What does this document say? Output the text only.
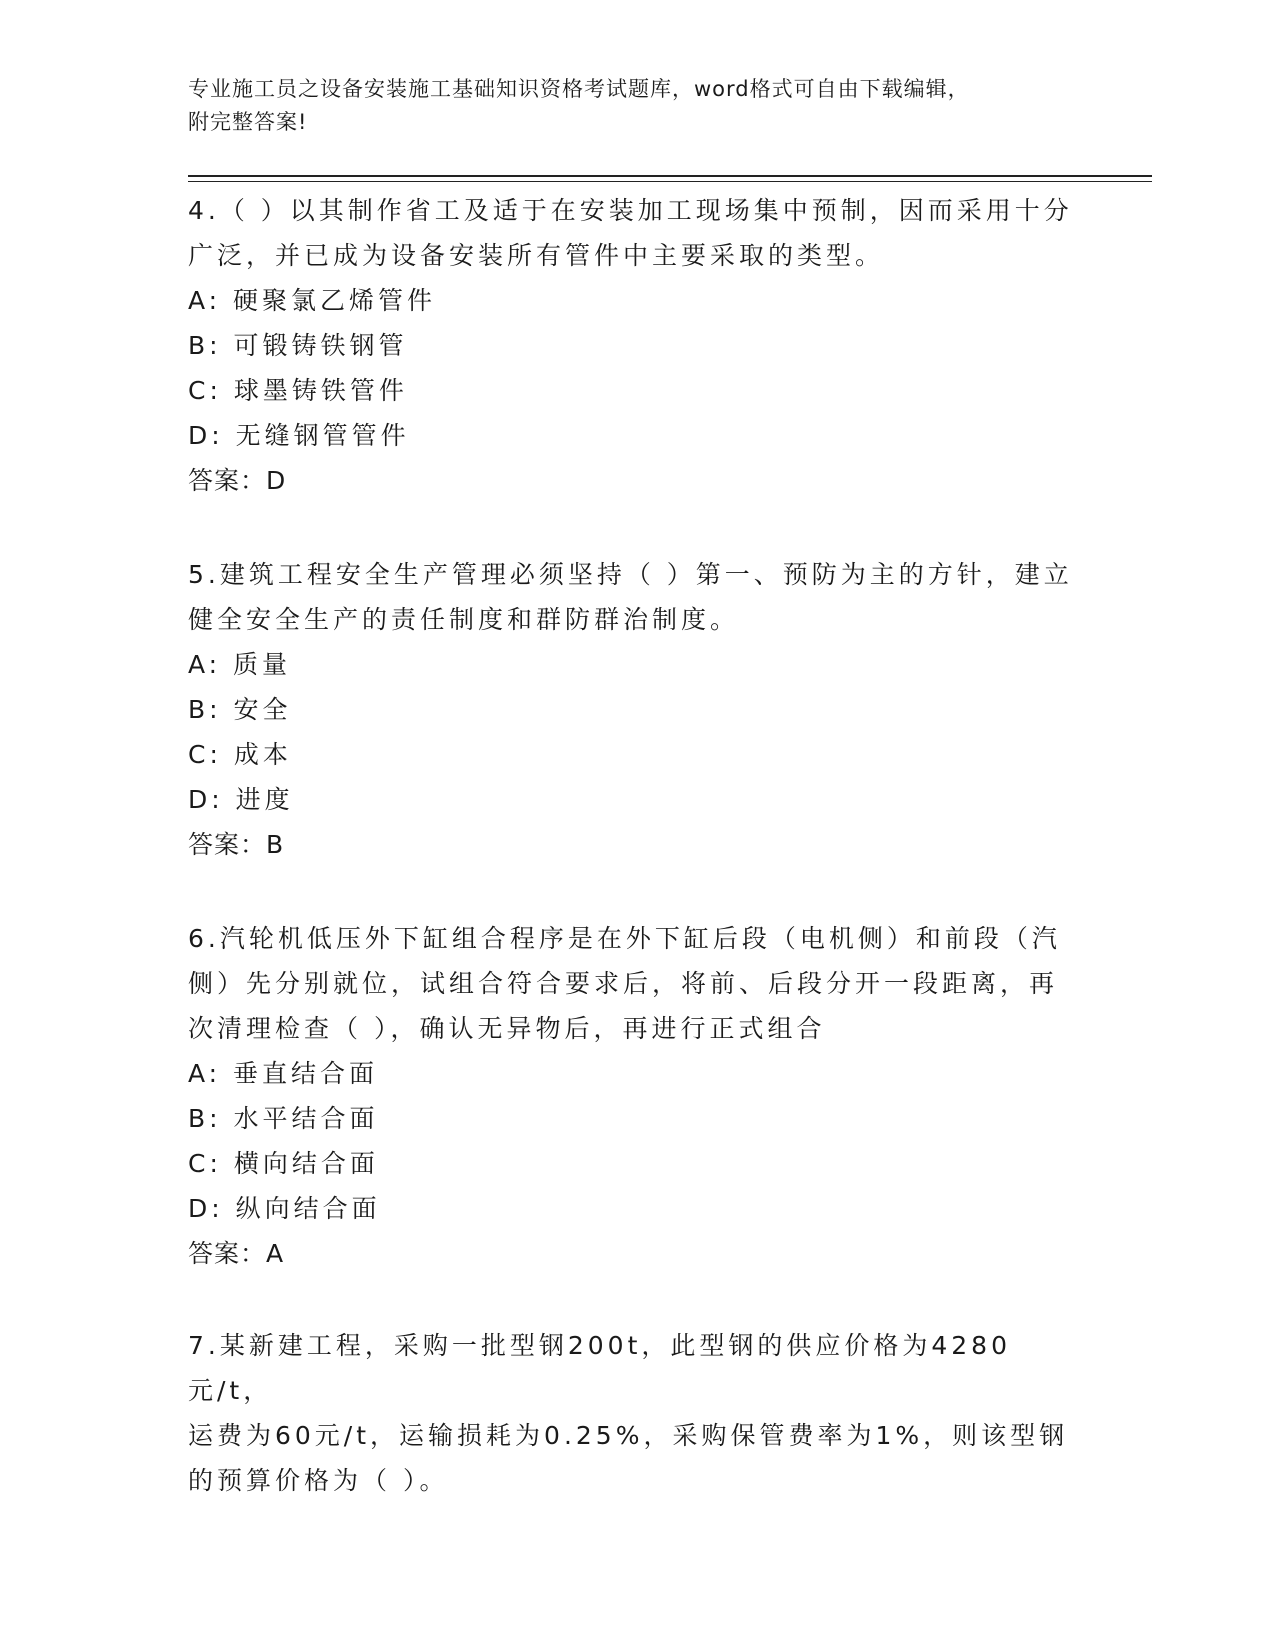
专业施工员之设备安装施工基础知识资格考试题库，word格式可自由下载编辑，
附完整答案!
4.（ ）以其制作省工及适于在安装加工现场集中预制，因而采用十分
广泛，并已成为设备安装所有管件中主要采取的类型。
A: 硬聚氯乙烯管件
B: 可锻铸铁钢管
C: 球墨铸铁管件
D: 无缝钢管管件
答案：D
5.建筑工程安全生产管理必须坚持（ ）第一、预防为主的方针，建立
健全安全生产的责任制度和群防群治制度。
A: 质量
B: 安全
C: 成本
D: 进度
答案：B
6.汽轮机低压外下缸组合程序是在外下缸后段（电机侧）和前段（汽
侧）先分别就位，试组合符合要求后，将前、后段分开一段距离，再
次清理检查（ ），确认无异物后，再进行正式组合
A: 垂直结合面
B: 水平结合面
C: 横向结合面
D: 纵向结合面
答案：A
7.某新建工程，采购一批型钢200t，此型钢的供应价格为4280元/t，
运费为60元/t，运输损耗为0.25%，采购保管费率为1%，则该型钢
的预算价格为（ ）。
